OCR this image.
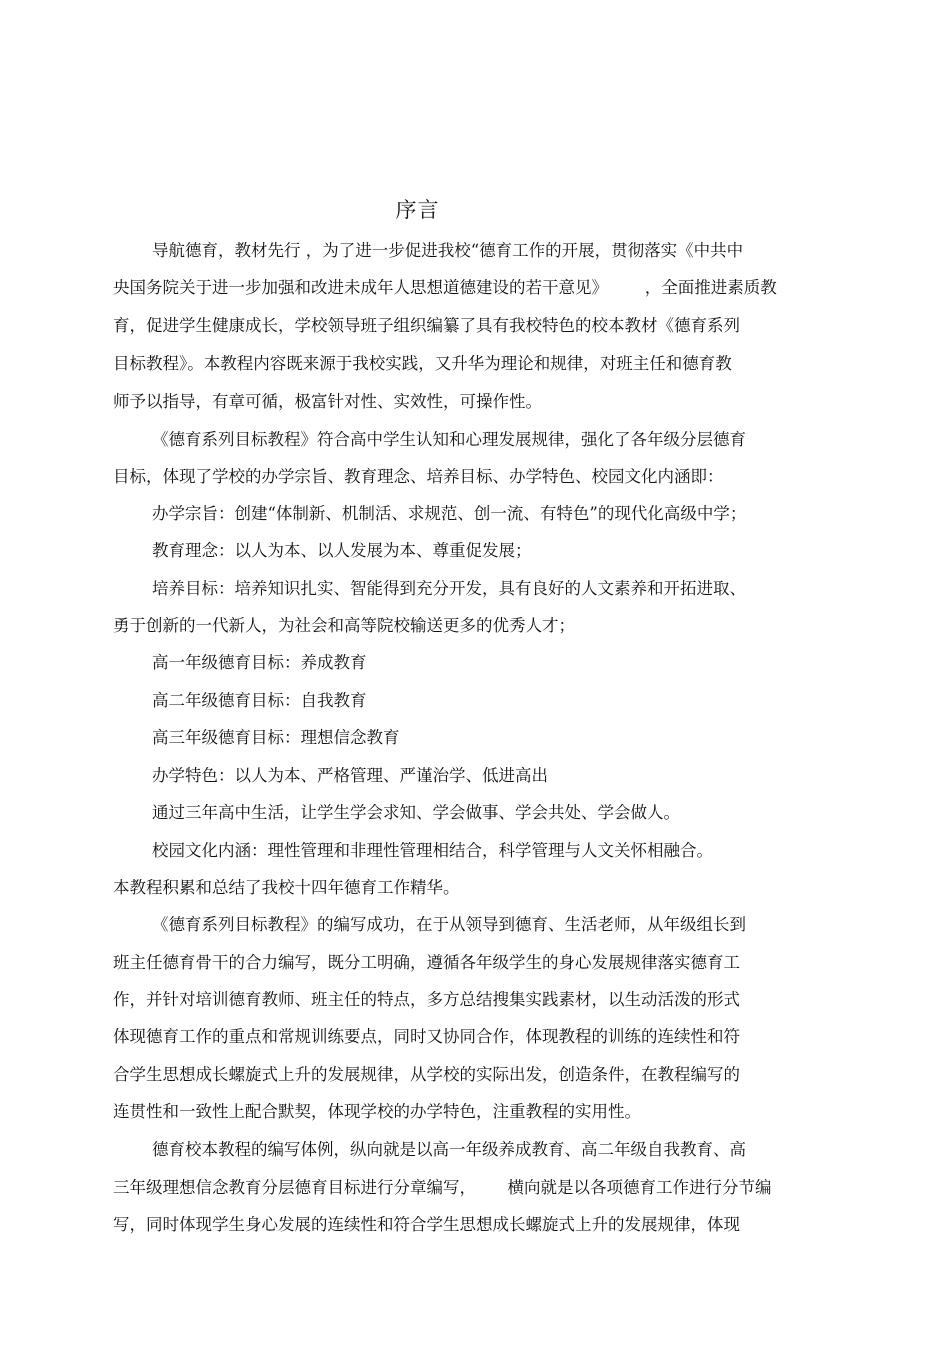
序言
导航德育，教材先行 ，为了进一步促进我校“德育工作的开展，贯彻落实《中共中
央国务院关于进一步加强和改进未成年人思想道德建设的若干意见》       ，全面推进素质教
育，促进学生健康成长，学校领导班子组织编纂了具有我校特色的校本教材《德育系列
目标教程》。本教程内容既来源于我校实践，又升华为理论和规律，对班主任和德育教
师予以指导，有章可循，极富针对性、实效性，可操作性。
《德育系列目标教程》符合高中学生认知和心理发展规律，强化了各年级分层德育
目标，体现了学校的办学宗旨、教育理念、培养目标、办学特色、校园文化内涵即：
办学宗旨：创建“体制新、机制活、求规范、创一流、有特色”的现代化高级中学；
教育理念：以人为本、以人发展为本、尊重促发展；
培养目标：培养知识扎实、智能得到充分开发，具有良好的人文素养和开拓进取、
勇于创新的一代新人，为社会和高等院校输送更多的优秀人才；
高一年级德育目标：养成教育
高二年级德育目标：自我教育
高三年级德育目标：理想信念教育
办学特色：以人为本、严格管理、严谨治学、低进高出
通过三年高中生活，让学生学会求知、学会做事、学会共处、学会做人。
校园文化内涵：理性管理和非理性管理相结合，科学管理与人文关怀相融合。
本教程积累和总结了我校十四年德育工作精华。
《德育系列目标教程》的编写成功，在于从领导到德育、生活老师，从年级组长到
班主任德育骨干的合力编写，既分工明确，遵循各年级学生的身心发展规律落实德育工
作，并针对培训德育教师、班主任的特点，多方总结搜集实践素材，以生动活泼的形式
体现德育工作的重点和常规训练要点，同时又协同合作，体现教程的训练的连续性和符
合学生思想成长螺旋式上升的发展规律，从学校的实际出发，创造条件，在教程编写的
连贯性和一致性上配合默契，体现学校的办学特色，注重教程的实用性。
德育校本教程的编写体例，纵向就是以高一年级养成教育、高二年级自我教育、高
三年级理想信念教育分层德育目标进行分章编写，      横向就是以各项德育工作进行分节编
写，同时体现学生身心发展的连续性和符合学生思想成长螺旋式上升的发展规律，体现
